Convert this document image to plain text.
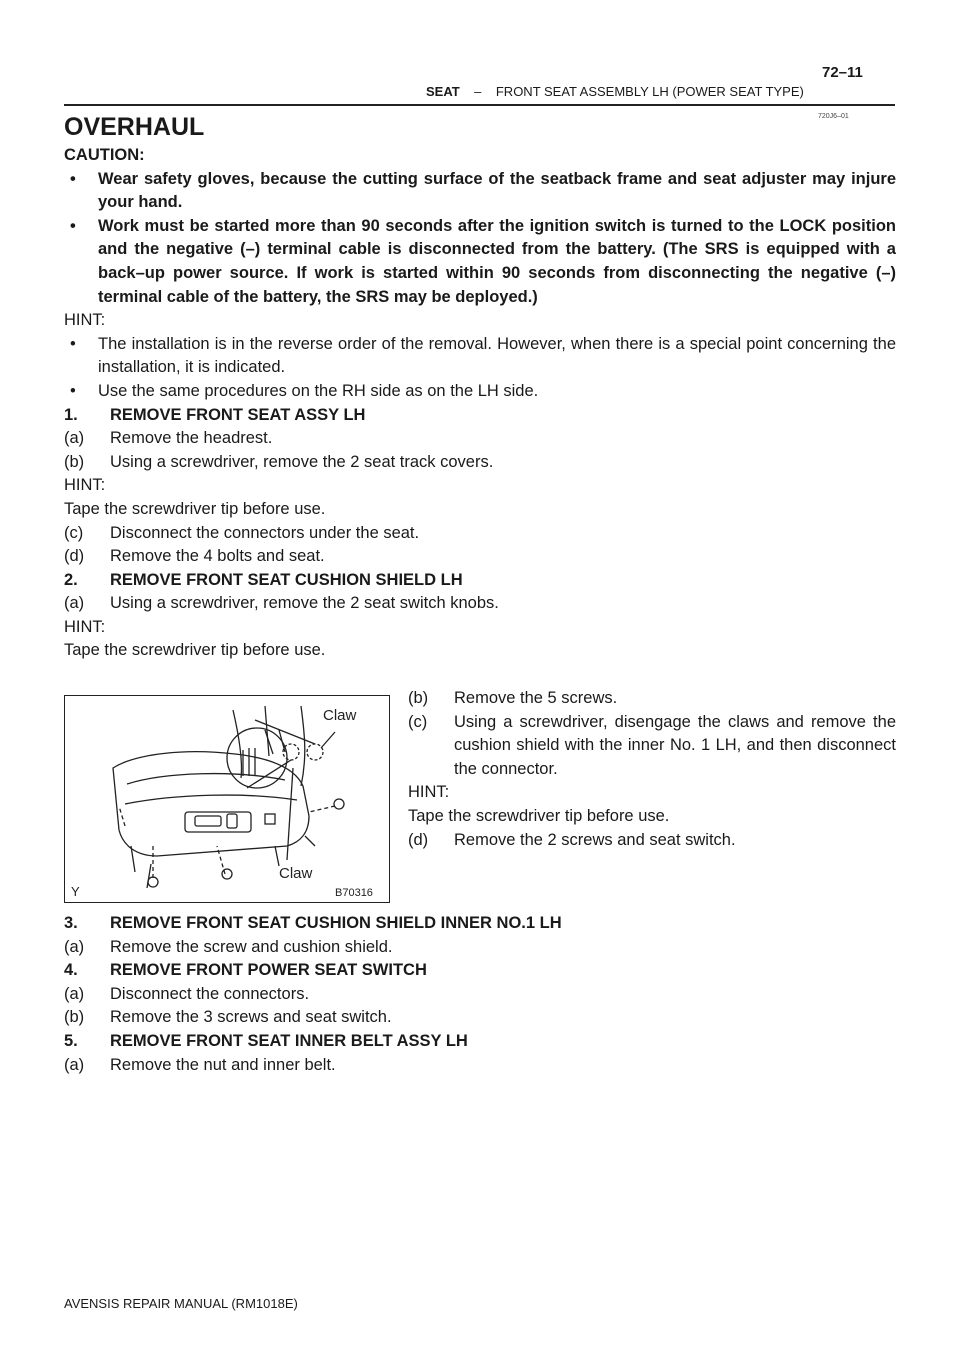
72–11
SEAT – FRONT SEAT ASSEMBLY LH (POWER SEAT TYPE)
720J6–01
OVERHAUL
CAUTION:
• Wear safety gloves, because the cutting surface of the seatback frame and seat adjuster may injure your hand.
• Work must be started more than 90 seconds after the ignition switch is turned to the LOCK position and the negative (–) terminal cable is disconnected from the battery. (The SRS is equipped with a back–up power source. If work is started within 90 seconds from disconnecting the negative (–) terminal cable of the battery, the SRS may be deployed.)
HINT:
• The installation is in the reverse order of the removal. However, when there is a special point concerning the installation, it is indicated.
• Use the same procedures on the RH side as on the LH side.
1. REMOVE FRONT SEAT ASSY LH
(a) Remove the headrest.
(b) Using a screwdriver, remove the 2 seat track covers.
HINT:
Tape the screwdriver tip before use.
(c) Disconnect the connectors under the seat.
(d) Remove the 4 bolts and seat.
2. REMOVE FRONT SEAT CUSHION SHIELD LH
(a) Using a screwdriver, remove the 2 seat switch knobs.
HINT:
Tape the screwdriver tip before use.
Claw
Claw
Y	B70316
(b) Remove the 5 screws.
(c) Using a screwdriver, disengage the claws and remove the cushion shield with the inner No. 1 LH, and then disconnect the connector.
HINT:
Tape the screwdriver tip before use.
(d) Remove the 2 screws and seat switch.
3. REMOVE FRONT SEAT CUSHION SHIELD INNER NO.1 LH
(a) Remove the screw and cushion shield.
4. REMOVE FRONT POWER SEAT SWITCH
(a) Disconnect the connectors.
(b) Remove the 3 screws and seat switch.
5. REMOVE FRONT SEAT INNER BELT ASSY LH
(a) Remove the nut and inner belt.
AVENSIS REPAIR MANUAL (RM1018E)
